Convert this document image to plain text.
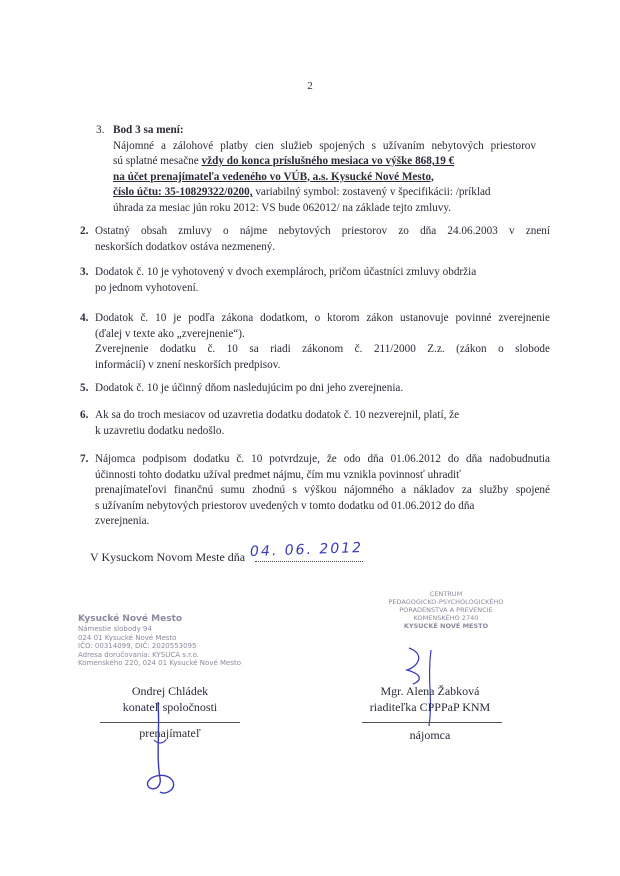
2
3. Bod 3 sa mení:
Nájomné a zálohové platby cien služieb spojených s užívaním nebytových priestorov
sú splatné mesačne vždy do konca príslušného mesiaca vo výške 868,19 €
na účet prenajímateľa vedeného vo VÚB, a.s. Kysucké Nové Mesto,
číslo účtu: 35-10829322/0200, variabilný symbol: zostavený v špecifikácii: /príklad
úhrada za mesiac jún roku 2012: VS bude 062012/ na základe tejto zmluvy.
2. Ostatný obsah zmluvy o nájme nebytových priestorov zo dňa 24.06.2003 v znení
neskorších dodatkov ostáva nezmenený.
3. Dodatok č. 10 je vyhotovený v dvoch exemplároch, pričom účastníci zmluvy obdržia
po jednom vyhotovení.
4. Dodatok č. 10 je podľa zákona dodatkom, o ktorom zákon ustanovuje povinné zverejnenie
(ďalej v texte ako „zverejnenie“).
Zverejnenie dodatku č. 10 sa riadi zákonom č. 211/2000 Z.z. (zákon o slobode
informácií) v znení neskorších predpisov.
5. Dodatok č. 10 je účinný dňom nasledujúcim po dni jeho zverejnenia.
6. Ak sa do troch mesiacov od uzavretia dodatku dodatok č. 10 nezverejnil, platí, že
k uzavretiu dodatku nedošlo.
7. Nájomca podpisom dodatku č. 10 potvrdzuje, že odo dňa 01.06.2012 do dňa nadobudnutia
účinnosti tohto dodatku užíval predmet nájmu, čím mu vznikla povinnosť uhradiť
prenajímateľovi finančnú sumu zhodnú s výškou nájomného a nákladov za služby spojené
s užívaním nebytových priestorov uvedených v tomto dodatku od 01.06.2012 do dňa
zverejnenia.
V Kysuckom Novom Meste dňa 04. 06. 2012
Kysucké Nové Mesto
Námestie slobody 94
024 01 Kysucké Nové Mesto
IČO: 00314099, DIČ: 2020553095
Adresa doručovania: KYSUCA s.r.o.
Komenského 220, 024 01 Kysucké Nové Mesto
CENTRUM
PEDAGOGICKO-PSYCHOLOGICKÉHO
PORADENSTVA A PREVENCIE
KOMENSKÉHO 2740
KYSUCKÉ NOVÉ MESTO
Ondrej Chládek
konateľ spoločnosti
prenajímateľ
Mgr. Alena Žabková
riaditeľka CPPPaP KNM
nájomca
